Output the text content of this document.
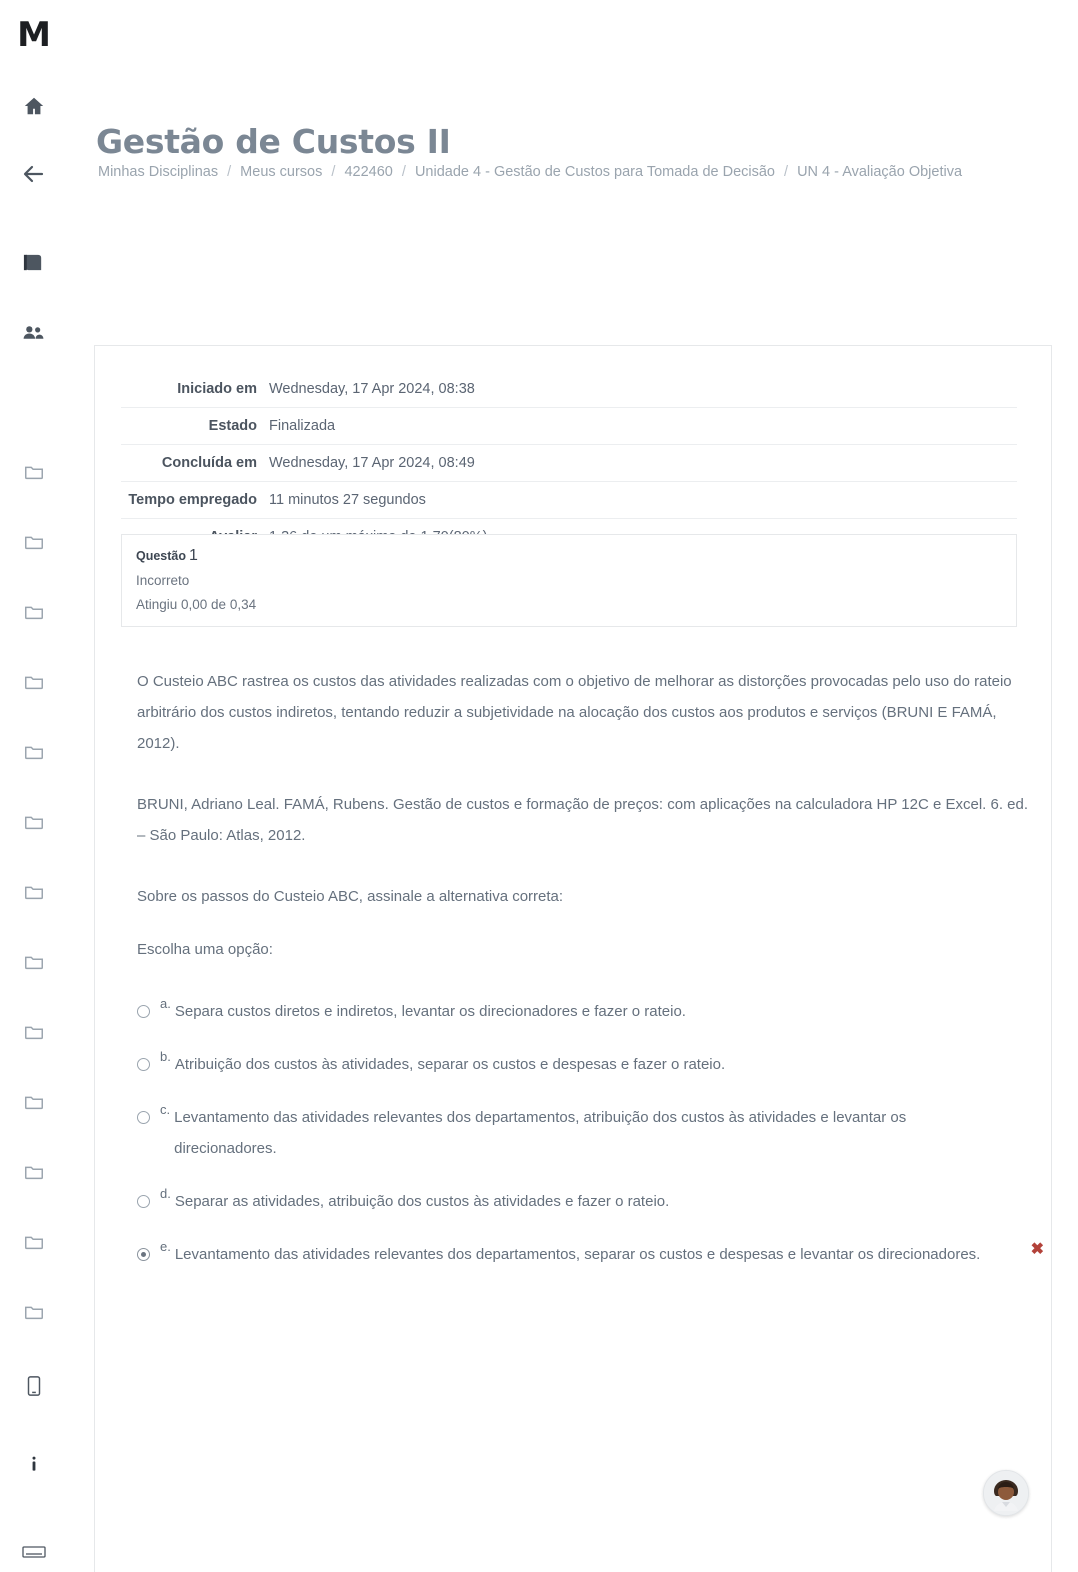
M
Gestão de Custos II
Minhas Disciplinas / Meus cursos / 422460 / Unidade 4 - Gestão de Custos para Tomada de Decisão / UN 4 - Avaliação Objetiva
Iniciado em	Wednesday, 17 Apr 2024, 08:38
Estado	Finalizada
Concluída em	Wednesday, 17 Apr 2024, 08:49
Tempo empregado	11 minutos 27 segundos

Questão 1
Incorreto
Atingiu 0,00 de 0,34

O Custeio ABC rastrea os custos das atividades realizadas com o objetivo de melhorar as distorções provocadas pelo uso do rateio arbitrário dos custos indiretos, tentando reduzir a subjetividade na alocação dos custos aos produtos e serviços (BRUNI E FAMÁ, 2012).

BRUNI, Adriano Leal. FAMÁ, Rubens. Gestão de custos e formação de preços: com aplicações na calculadora HP 12C e Excel. 6. ed. – São Paulo: Atlas, 2012.

Sobre os passos do Custeio ABC, assinale a alternativa correta:

Escolha uma opção:

a. Separa custos diretos e indiretos, levantar os direcionadores e fazer o rateio.
b. Atribuição dos custos às atividades, separar os custos e despesas e fazer o rateio.
c. Levantamento das atividades relevantes dos departamentos, atribuição dos custos às atividades e levantar os direcionadores.
d. Separar as atividades, atribuição dos custos às atividades e fazer o rateio.
e. Levantamento das atividades relevantes dos departamentos, separar os custos e despesas e levantar os direcionadores.	✖
